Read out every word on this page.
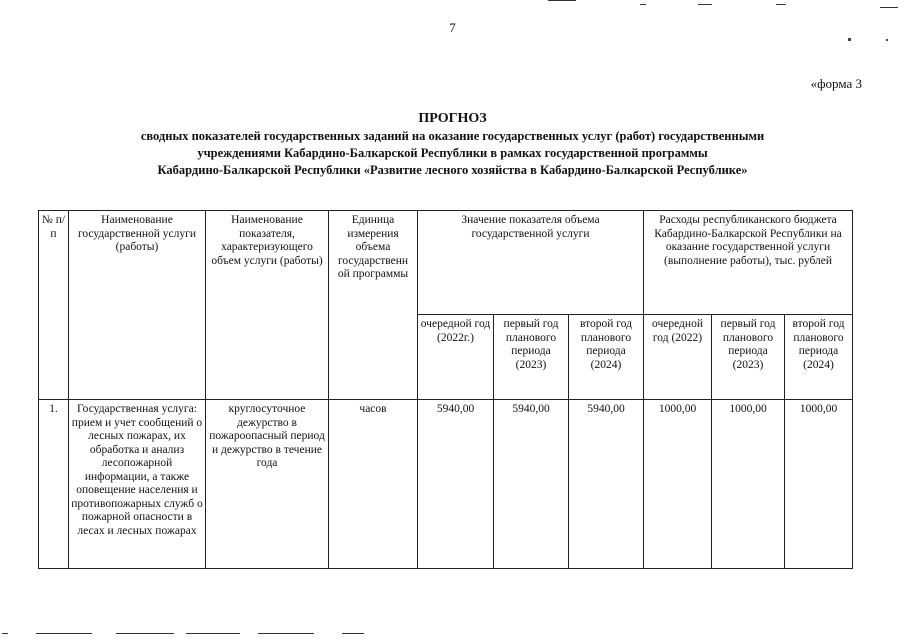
7
«форма 3
ПРОГНОЗ
сводных показателей государственных заданий на оказание государственных услуг (работ) государственными
учреждениями Кабардино-Балкарской Республики в рамках государственной программы
Кабардино-Балкарской Республики «Развитие лесного хозяйства в Кабардино-Балкарской Республике»
№ п/п	Наименование государственной услуги (работы)	Наименование показателя, характеризующего объем услуги (работы)	Единица измерения объема государственн ой программы	Значение показателя объема государственной услуги			Расходы республиканского бюджета Кабардино-Балкарской Республики на оказание государственной услуги (выполнение работы), тыс. рублей		
				очередной год (2022г.)	первый год планового периода (2023)	второй год планового периода (2024)	очередной год (2022)	первый год планового периода (2023)	второй год планового периода (2024)
1.	Государственная услуга: прием и учет сообщений о лесных пожарах, их обработка и анализ лесопожарной информации, а также оповещение населения и противопожарных служб о пожарной опасности в лесах и лесных пожарах	круглосуточное дежурство в пожароопасный период и дежурство в течение года	часов	5940,00	5940,00	5940,00	1000,00	1000,00	1000,00
